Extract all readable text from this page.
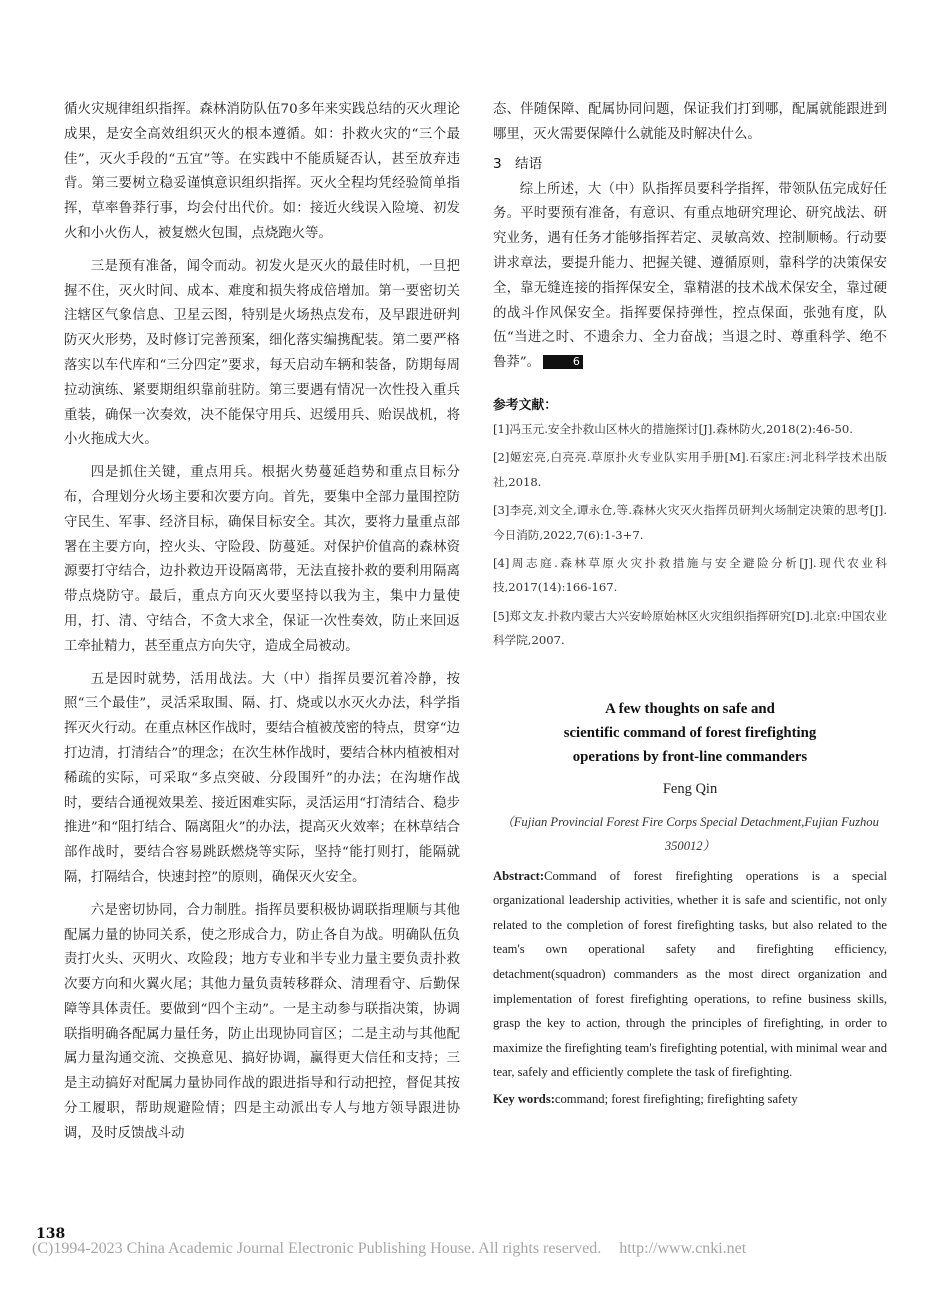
循火灾规律组织指挥。森林消防队伍70多年来实践总结的灭火理论成果，是安全高效组织灭火的根本遵循。如：扑救火灾的“三个最佳”，灭火手段的“五宜”等。在实践中不能质疑否认，甚至放弃违背。第三要树立稳妥谨慎意识组织指挥。灭火全程均凭经验简单指挥，草率鲁莽行事，均会付出代价。如：接近火线误入险境、初发火和小火伤人，被复燃火包围，点烧跑火等。

三是预有准备，闻令而动。初发火是灭火的最佳时机，一旦把握不住，灭火时间、成本、难度和损失将成倍增加。第一要密切关注辖区气象信息、卫星云图，特别是火场热点发布，及早跟进研判防灭火形势，及时修订完善预案，细化落实编携配装。第二要严格落实以车代库和“三分四定”要求，每天启动车辆和装备，防期每周拉动演练、紧要期组织靠前驻防。第三要遇有情况一次性投入重兵重装，确保一次奏效，决不能保守用兵、迟缓用兵、贻误战机，将小火拖成大火。

四是抓住关键，重点用兵。根据火势蔓延趋势和重点目标分布，合理划分火场主要和次要方向。首先，要集中全部力量围控防守民生、军事、经济目标，确保目标安全。其次，要将力量重点部署在主要方向，控火头、守险段、防蔓延。对保护价值高的森林资源要打守结合，边扑救边开设隔离带，无法直接扑救的要利用隔离带点烧防守。最后，重点方向灭火要坚持以我为主，集中力量使用，打、清、守结合，不贪大求全，保证一次性奏效，防止来回返工牵扯精力，甚至重点方向失守，造成全局被动。

五是因时就势，活用战法。大（中）指挥员要沉着冷静，按照“三个最佳”，灵活采取围、隔、打、烧或以水灭火办法，科学指挥灭火行动。在重点林区作战时，要结合植被茂密的特点，贯穿“边打边清，打清结合”的理念；在次生林作战时，要结合林内植被相对稀疏的实际，可采取“多点突破、分段围歼”的办法；在沟塘作战时，要结合通视效果差、接近困难实际，灵活运用“打清结合、稳步推进”和“阻打结合、隔离阻火”的办法，提高灭火效率；在林草结合部作战时，要结合容易跳跃燃烧等实际，坚持“能打则打，能隔就隔，打隔结合，快速封控”的原则，确保灭火安全。

六是密切协同，合力制胜。指挥员要积极协调联指理顺与其他配属力量的协同关系，使之形成合力，防止各自为战。明确队伍负责打火头、灭明火、攻险段；地方专业和半专业力量主要负责扑救次要方向和火翼火尾；其他力量负责转移群众、清理看守、后勤保障等具体责任。要做到“四个主动”。一是主动参与联指决策，协调联指明确各配属力量任务，防止出现协同盲区；二是主动与其他配属力量沟通交流、交换意见、搞好协调，赢得更大信任和支持；三是主动搞好对配属力量协同作战的跟进指导和行动把控，督促其按分工履职，帮助规避险情；四是主动派出专人与地方领导跟进协调，及时反馈战斗动

态、伴随保障、配属协同问题，保证我们打到哪，配属就能跟进到哪里，灭火需要保障什么就能及时解决什么。

3 结语

综上所述，大（中）队指挥员要科学指挥，带领队伍完成好任务。平时要预有准备，有意识、有重点地研究理论、研究战法、研究业务，遇有任务才能够指挥若定、灵敏高效、控制顺畅。行动要讲求章法，要提升能力、把握关键、遵循原则，靠科学的决策保安全，靠无缝连接的指挥保安全，靠精湛的技术战术保安全，靠过硬的战斗作风保安全。指挥要保持弹性，控点保面，张弛有度，队伍“当进之时、不遗余力、全力奋战；当退之时、尊重科学、绝不鲁莽”。	6

参考文献：

[1]冯玉元.安全扑救山区林火的措施探讨[J].森林防火,2018(2):46-50.

[2]姬宏亮,白亮亮.草原扑火专业队实用手册[M].石家庄:河北科学技术出版社,2018.

[3]李亮,刘文全,谭永仓,等.森林火灾灭火指挥员研判火场制定决策的思考[J].今日消防,2022,7(6):1-3+7.

[4]周志庭.森林草原火灾扑救措施与安全避险分析[J].现代农业科技,2017(14):166-167.

[5]郑文友.扑救内蒙古大兴安岭原始林区火灾组织指挥研究[D].北京:中国农业科学院,2007.

A few thoughts on safe and
scientific command of forest firefighting
operations by front-line commanders
Feng Qin
（Fujian Provincial Forest Fire Corps Special Detachment,Fujian Fuzhou 350012）

Abstract:Command of forest firefighting operations is a special organizational leadership activities, whether it is safe and scientific, not only related to the completion of forest firefighting tasks, but also related to the team's own operational safety and firefighting efficiency, detachment(squadron) commanders as the most direct organization and implementation of forest firefighting operations, to refine business skills, grasp the key to action, through the principles of firefighting, in order to maximize the firefighting team's firefighting potential, with minimal wear and tear, safely and efficiently complete the task of firefighting.

Key words:command; forest firefighting; firefighting safety

138
(C)1994-2023 China Academic Journal Electronic Publishing House. All rights reserved. http://www.cnki.net
